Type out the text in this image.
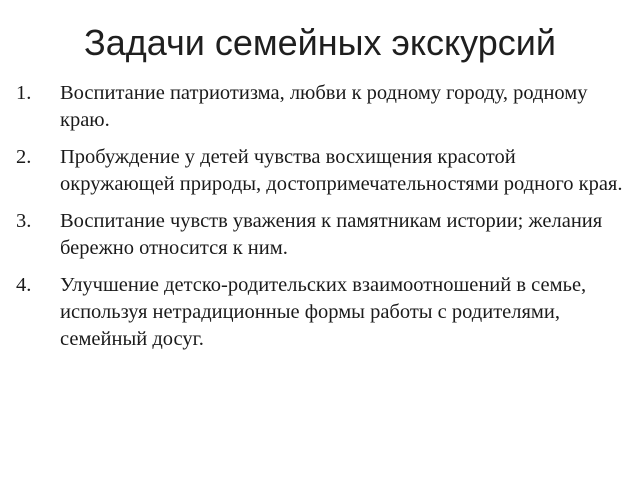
Задачи семейных экскурсий
1. Воспитание патриотизма, любви к родному городу, родному краю.
2. Пробуждение у детей чувства восхищения красотой окружающей природы, достопримечательностями родного края.
3. Воспитание чувств уважения к памятникам истории; желания бережно относится к ним.
4. Улучшение детско-родительских взаимоотношений в семье, используя нетрадиционные формы работы с родителями, семейный досуг.
